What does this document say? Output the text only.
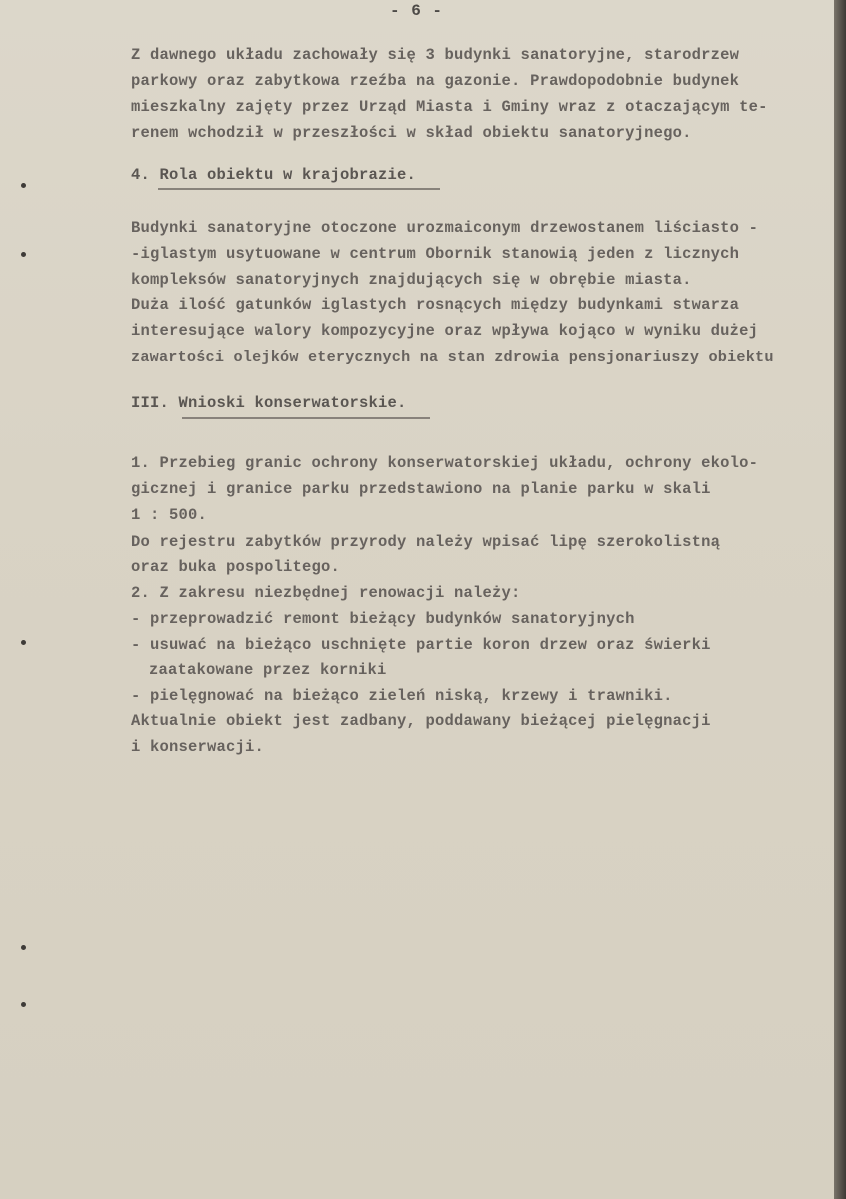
- 6 -
Z dawnego układu zachowały się 3 budynki sanatoryjne, starodrzew
parkowy oraz zabytkowa rzeźba na gazonie. Prawdopodobnie budynek
mieszkalny zajęty przez Urząd Miasta i Gminy wraz z otaczającym te-
renem wchodził w przeszłości w skład obiektu sanatoryjnego.
4. Rola obiektu w krajobrazie.
Budynki sanatoryjne otoczone urozmaiconym drzewostanem liściasto -
-iglastym usytuowane w centrum Obornik stanowią jeden z licznych
kompleksów sanatoryjnych znajdujących się w obrębie miasta.
Duża ilość gatunków iglastych rosnących między budynkami stwarza
interesujące walory kompozycyjne oraz wpływa kojąco w wyniku dużej
zawartości olejków eterycznych na stan zdrowia pensjonariuszy obiektu
III. Wnioski konserwatorskie.
1. Przebieg granic ochrony konserwatorskiej układu, ochrony ekolo-
gicznej i granice parku przedstawiono na planie parku w skali
1 : 500.
Do rejestru zabytków przyrody należy wpisać lipę szerokolistną
oraz buka pospolitego.
2. Z zakresu niezbędnej renowacji należy:
- przeprowadzić remont bieżący budynków sanatoryjnych
- usuwać na bieżąco uschnięte partie koron drzew oraz świerki
zaatakowane przez korniki
- pielęgnować na bieżąco zieleń niską, krzewy i trawniki.
Aktualnie obiekt jest zadbany, poddawany bieżącej pielęgnacji
i konserwacji.
